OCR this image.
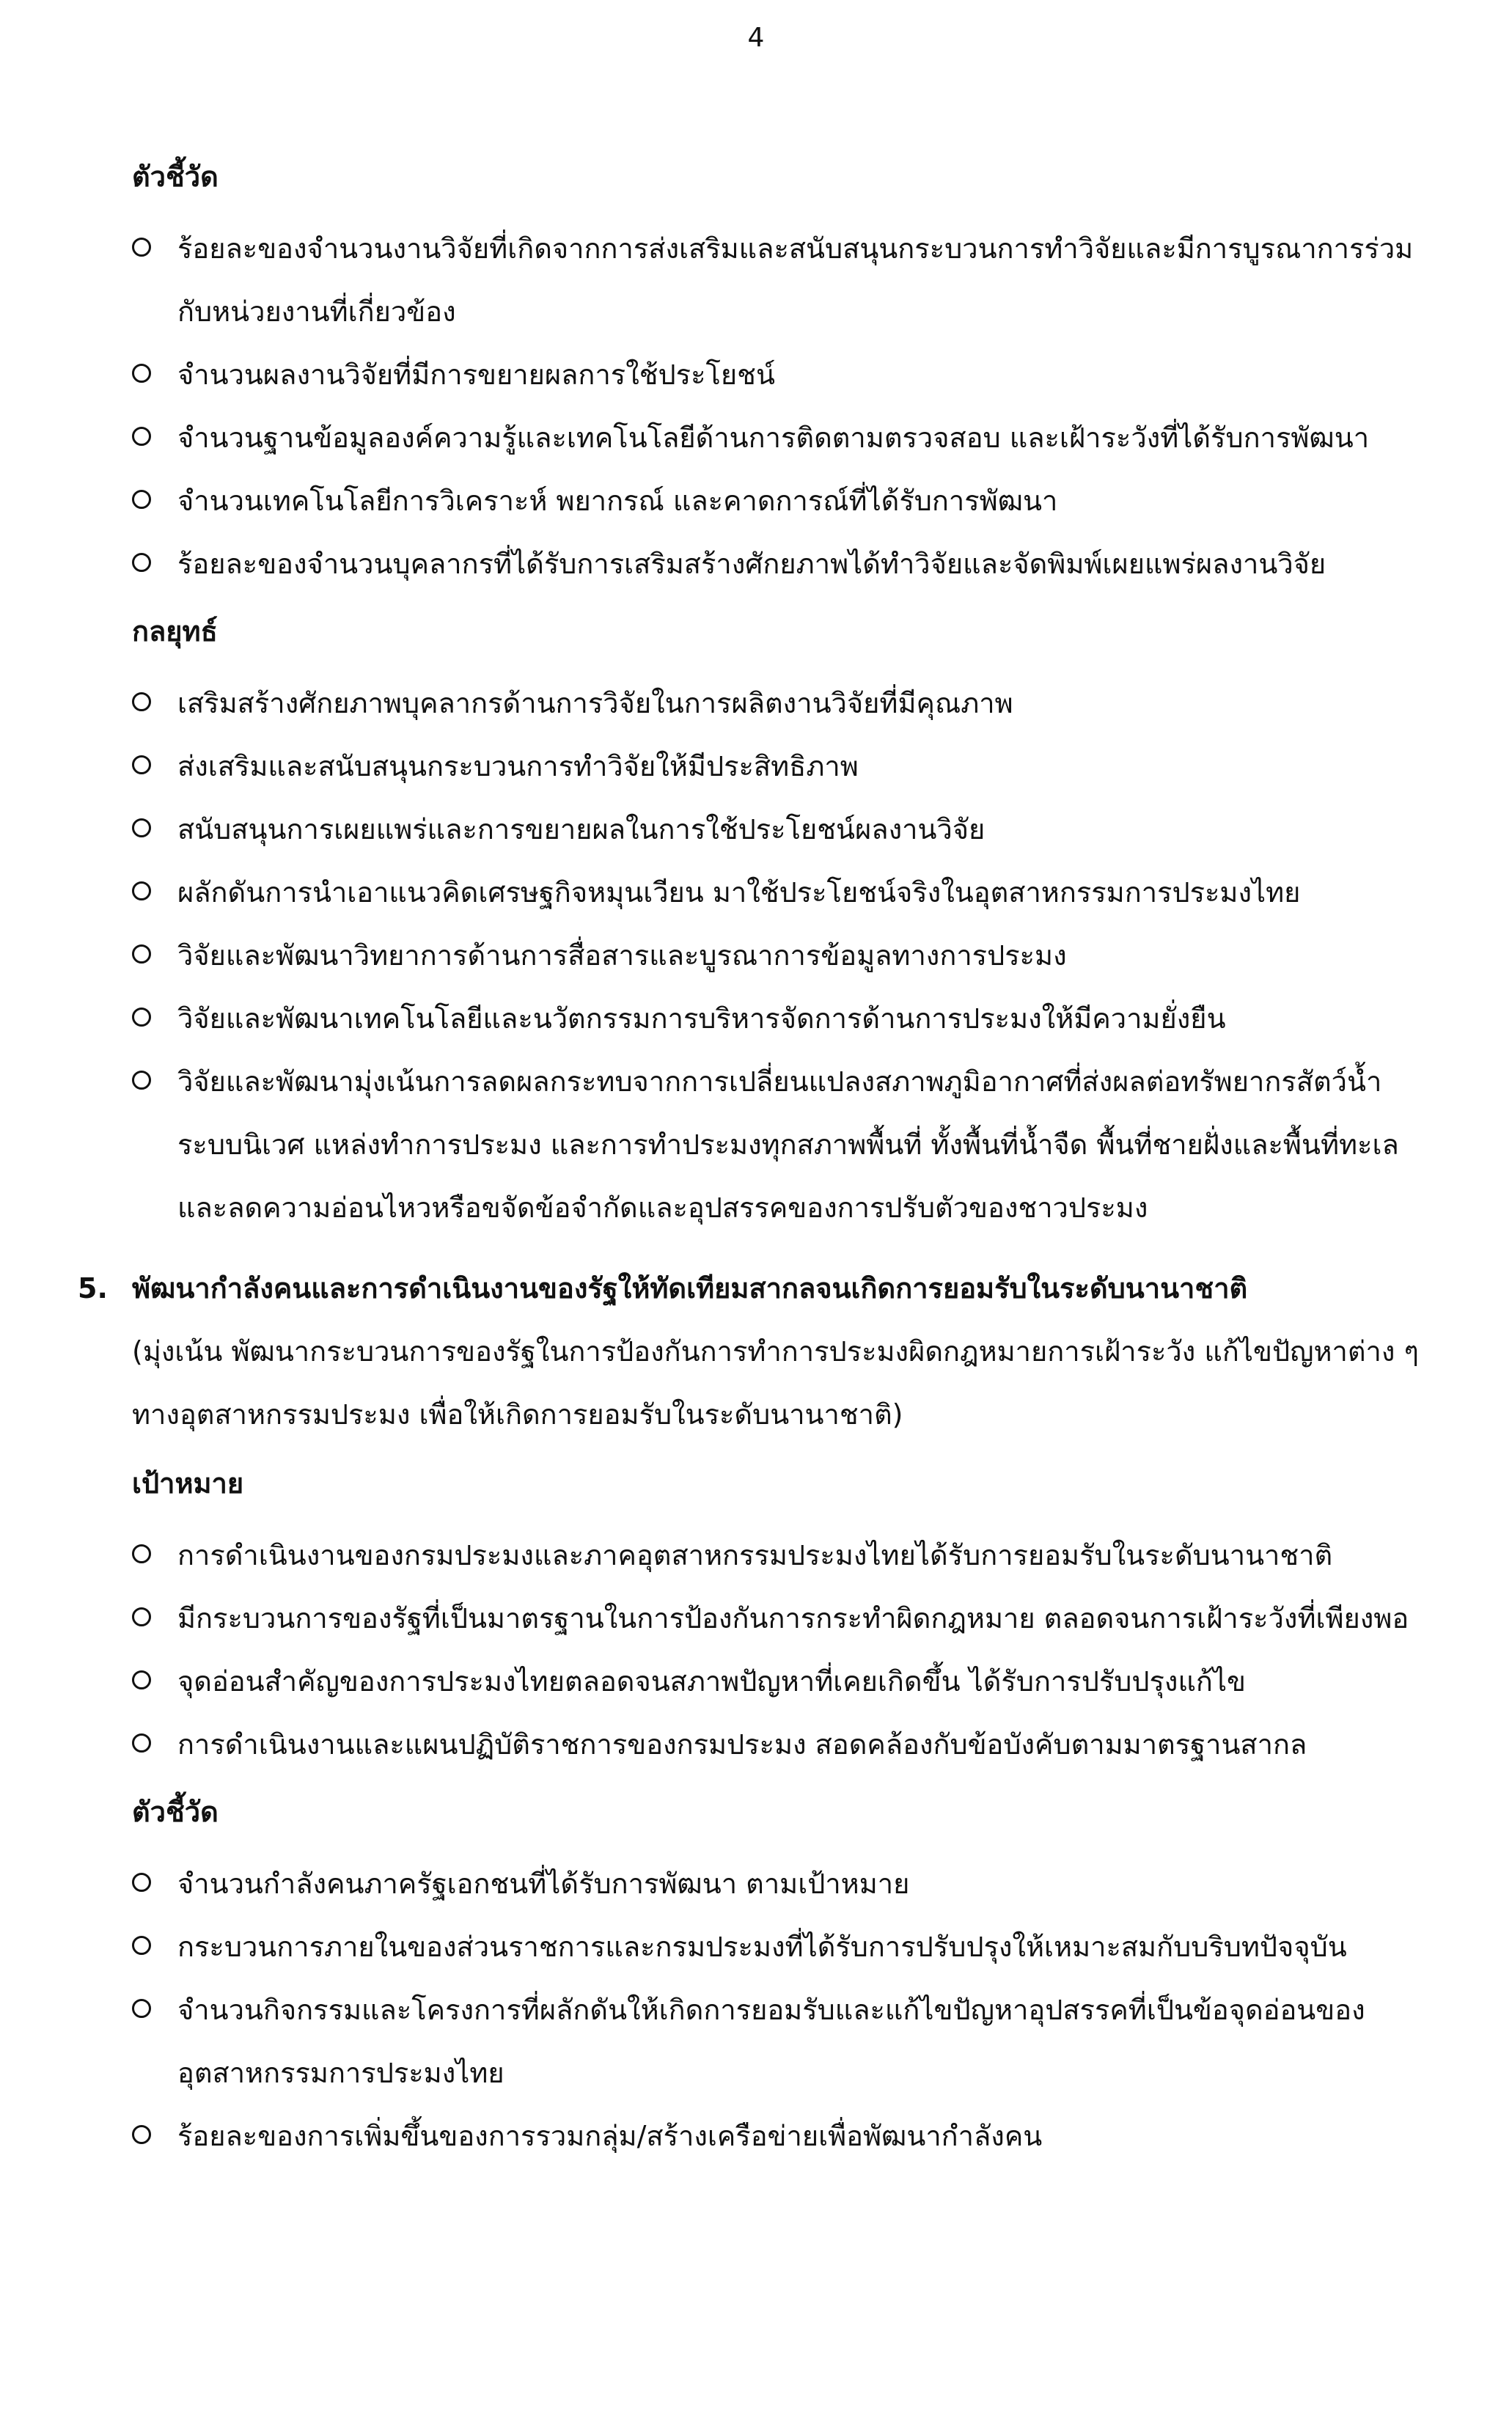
4
ตัวชี้วัด
ร้อยละของจำนวนงานวิจัยที่เกิดจากการส่งเสริมและสนับสนุนกระบวนการทำวิจัยและมีการบูรณาการร่วมกับหน่วยงานที่เกี่ยวข้อง
จำนวนผลงานวิจัยที่มีการขยายผลการใช้ประโยชน์
จำนวนฐานข้อมูลองค์ความรู้และเทคโนโลยีด้านการติดตามตรวจสอบ และเฝ้าระวังที่ได้รับการพัฒนา
จำนวนเทคโนโลยีการวิเคราะห์ พยากรณ์ และคาดการณ์ที่ได้รับการพัฒนา
ร้อยละของจำนวนบุคลากรที่ได้รับการเสริมสร้างศักยภาพได้ทำวิจัยและจัดพิมพ์เผยแพร่ผลงานวิจัย
กลยุทธ์
เสริมสร้างศักยภาพบุคลากรด้านการวิจัยในการผลิตงานวิจัยที่มีคุณภาพ
ส่งเสริมและสนับสนุนกระบวนการทำวิจัยให้มีประสิทธิภาพ
สนับสนุนการเผยแพร่และการขยายผลในการใช้ประโยชน์ผลงานวิจัย
ผลักดันการนำเอาแนวคิดเศรษฐกิจหมุนเวียน มาใช้ประโยชน์จริงในอุตสาหกรรมการประมงไทย
วิจัยและพัฒนาวิทยาการด้านการสื่อสารและบูรณาการข้อมูลทางการประมง
วิจัยและพัฒนาเทคโนโลยีและนวัตกรรมการบริหารจัดการด้านการประมงให้มีความยั่งยืน
วิจัยและพัฒนามุ่งเน้นการลดผลกระทบจากการเปลี่ยนแปลงสภาพภูมิอากาศที่ส่งผลต่อทรัพยากรสัตว์น้ำระบบนิเวศ แหล่งทำการประมง และการทำประมงทุกสภาพพื้นที่ ทั้งพื้นที่น้ำจืด พื้นที่ชายฝั่งและพื้นที่ทะเล และลดความอ่อนไหวหรือขจัดข้อจำกัดและอุปสรรคของการปรับตัวของชาวประมง
5. พัฒนากำลังคนและการดำเนินงานของรัฐให้ทัดเทียมสากลจนเกิดการยอมรับในระดับนานาชาติ
(มุ่งเน้น พัฒนากระบวนการของรัฐในการป้องกันการทำการประมงผิดกฎหมายการเฝ้าระวัง แก้ไขปัญหาต่าง ๆ ทางอุตสาหกรรมประมง เพื่อให้เกิดการยอมรับในระดับนานาชาติ)
เป้าหมาย
การดำเนินงานของกรมประมงและภาคอุตสาหกรรมประมงไทยได้รับการยอมรับในระดับนานาชาติ
มีกระบวนการของรัฐที่เป็นมาตรฐานในการป้องกันการกระทำผิดกฎหมาย ตลอดจนการเฝ้าระวังที่เพียงพอ
จุดอ่อนสำคัญของการประมงไทยตลอดจนสภาพปัญหาที่เคยเกิดขึ้น ได้รับการปรับปรุงแก้ไข
การดำเนินงานและแผนปฏิบัติราชการของกรมประมง สอดคล้องกับข้อบังคับตามมาตรฐานสากล
ตัวชี้วัด
จำนวนกำลังคนภาครัฐเอกชนที่ได้รับการพัฒนา ตามเป้าหมาย
กระบวนการภายในของส่วนราชการและกรมประมงที่ได้รับการปรับปรุงให้เหมาะสมกับบริบทปัจจุบัน
จำนวนกิจกรรมและโครงการที่ผลักดันให้เกิดการยอมรับและแก้ไขปัญหาอุปสรรคที่เป็นข้อจุดอ่อนของอุตสาหกรรมการประมงไทย
ร้อยละของการเพิ่มขึ้นของการรวมกลุ่ม/สร้างเครือข่ายเพื่อพัฒนากำลังคน
